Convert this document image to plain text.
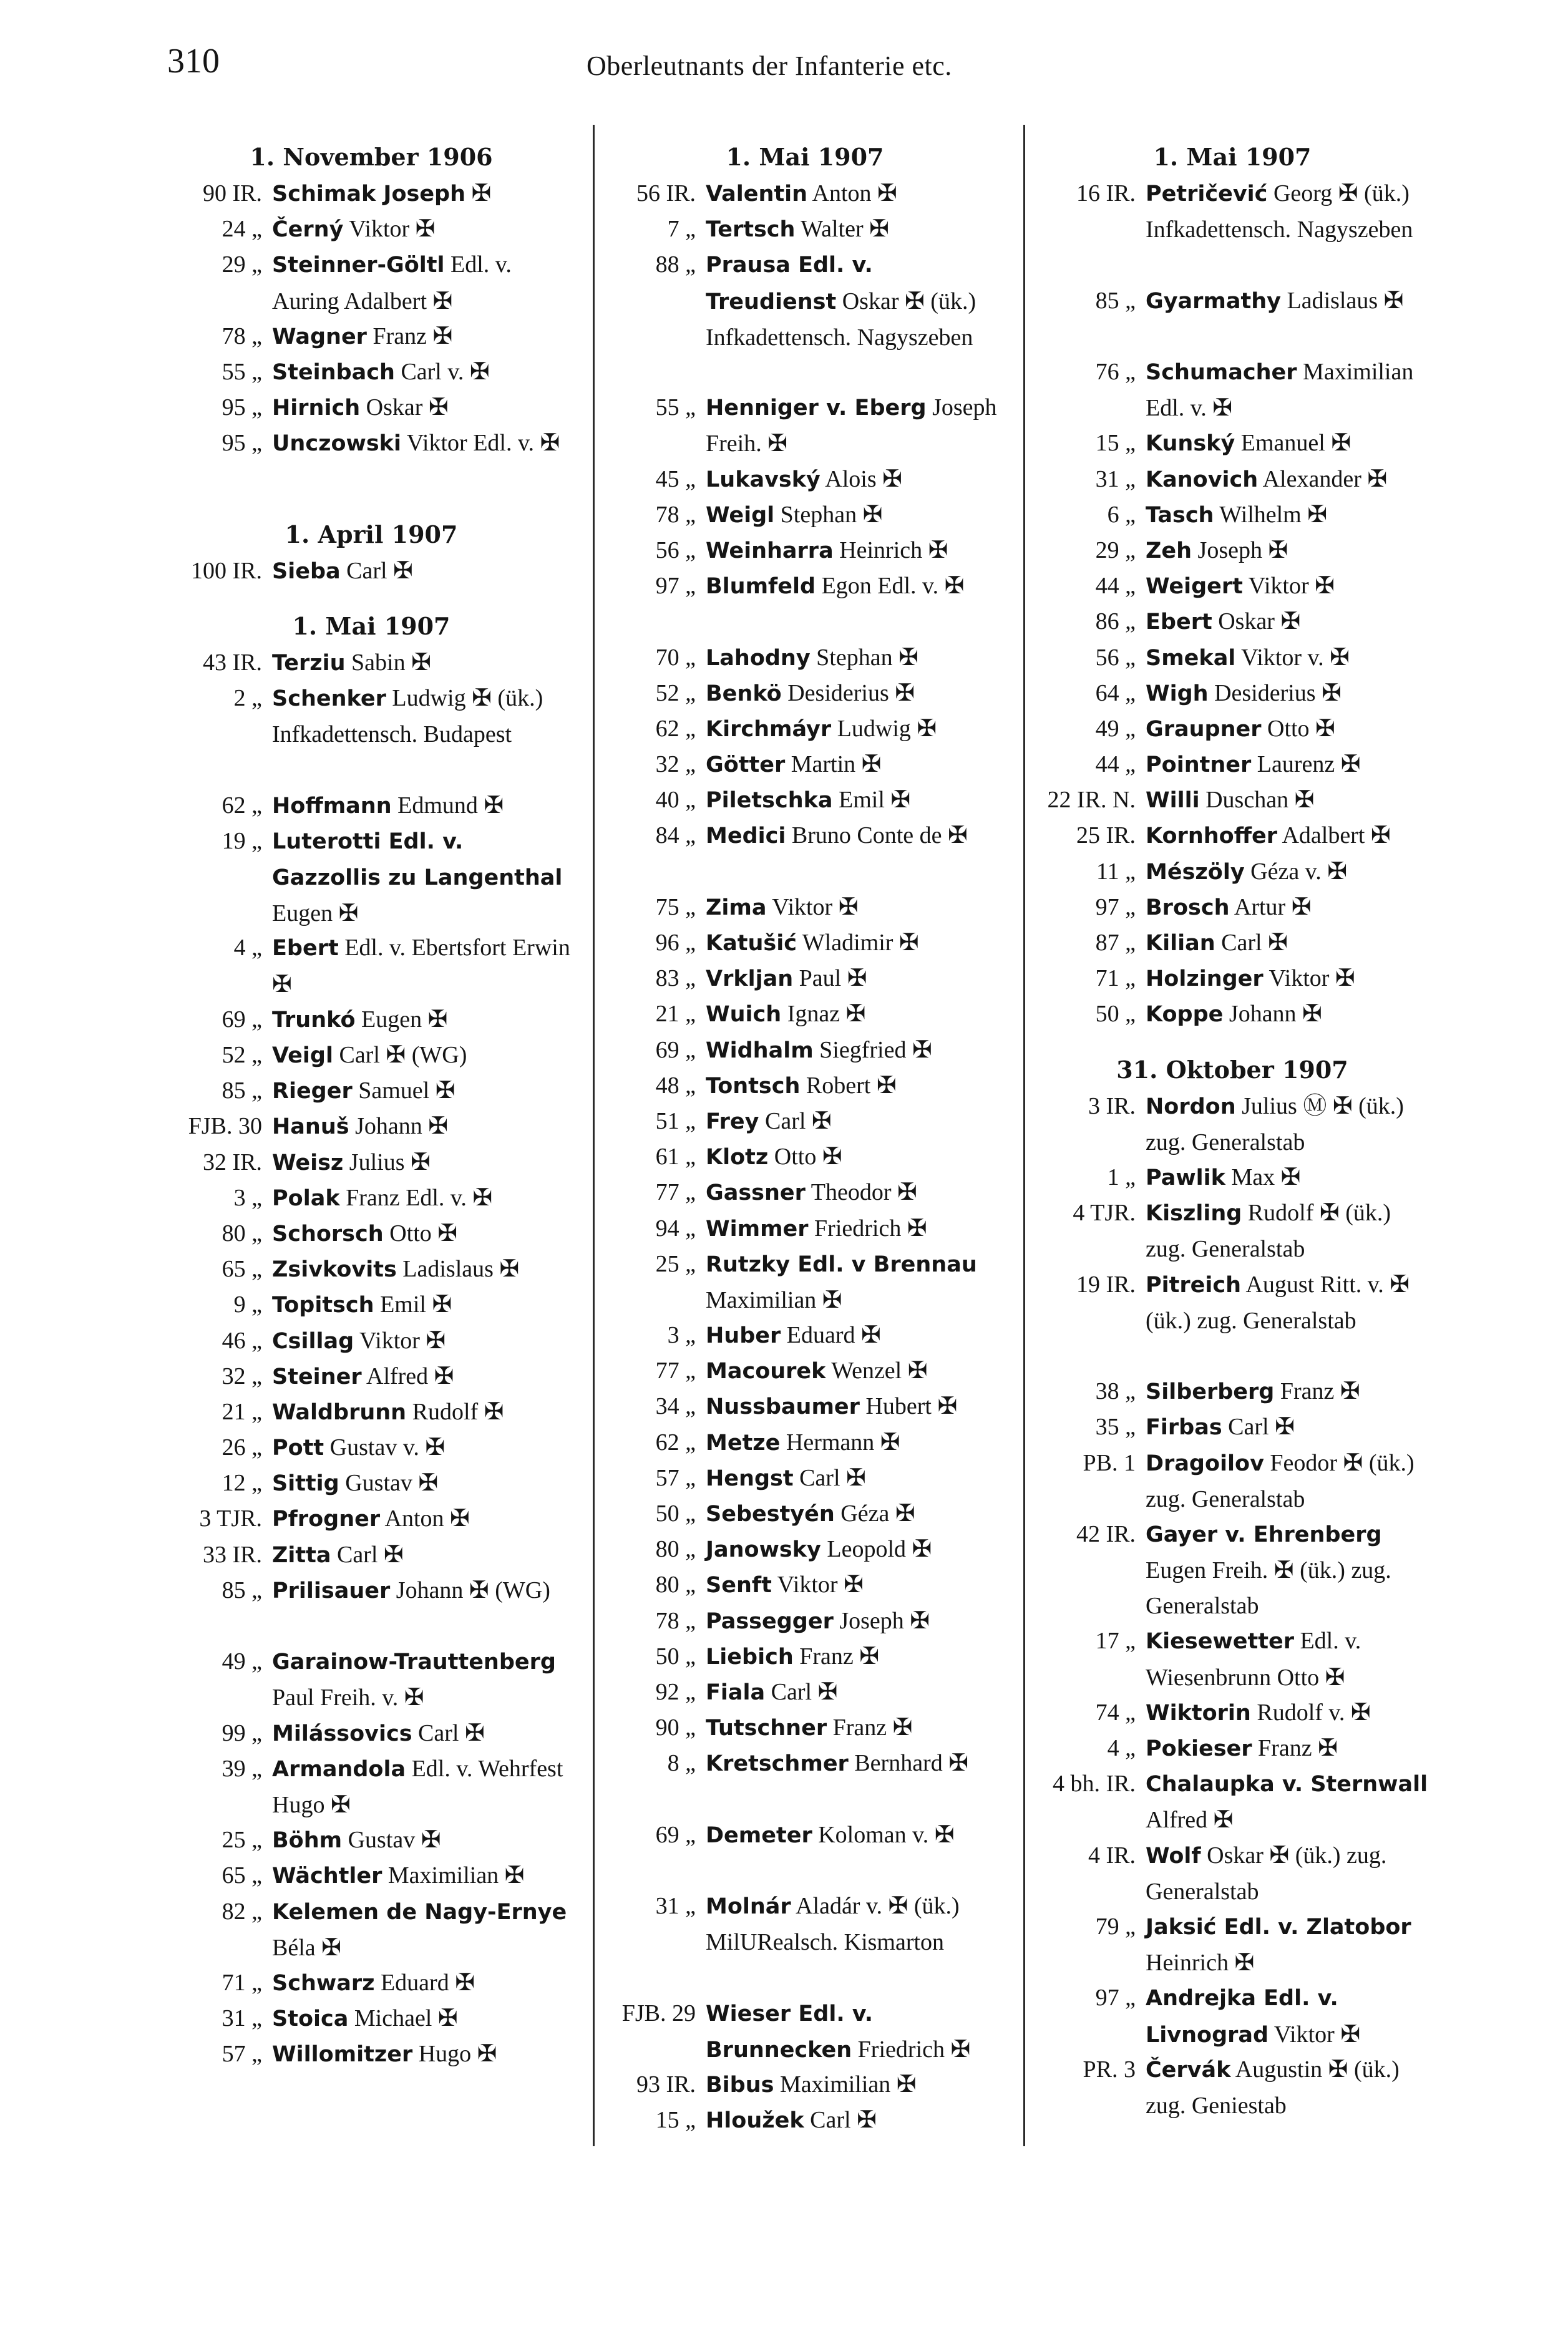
310	Oberleutnants der Infanterie etc.
1. November 1906
90 IR. Schimak Joseph ✠
24 „ Černý Viktor ✠
29 „ Steinner-Göltl Edl. v. Auring Adalbert ✠
78 „ Wagner Franz ✠
55 „ Steinbach Carl v. ✠
95 „ Hirnich Oskar ✠
95 „ Unczowski Viktor Edl. v. ✠
1. April 1907
100 IR. Sieba Carl ✠
1. Mai 1907
43 IR. Terziu Sabin ✠
2 „ Schenker Ludwig ✠ (ük.) Infkadettensch. Budapest
62 „ Hoffmann Edmund ✠
19 „ Luterotti Edl. v. Gazzollis zu Langenthal Eugen ✠
4 „ Ebert Edl. v. Ebertsfort Erwin ✠
69 „ Trunkó Eugen ✠
52 „ Veigl Carl ✠ (WG)
85 „ Rieger Samuel ✠
FJB. 30 Hanuš Johann ✠
32 IR. Weisz Julius ✠
3 „ Polak Franz Edl. v. ✠
80 „ Schorsch Otto ✠
65 „ Zsivkovits Ladislaus ✠
9 „ Topitsch Emil ✠
46 „ Csillag Viktor ✠
32 „ Steiner Alfred ✠
21 „ Waldbrunn Rudolf ✠
26 „ Pott Gustav v. ✠
12 „ Sittig Gustav ✠
3 TJR. Pfrogner Anton ✠
33 IR. Zitta Carl ✠
85 „ Prilisauer Johann ✠ (WG)
49 „ Garainow-Trauttenberg Paul Freih. v. ✠
99 „ Milássovics Carl ✠
39 „ Armandola Edl. v. Wehrfest Hugo ✠
25 „ Böhm Gustav ✠
65 „ Wächtler Maximilian ✠
82 „ Kelemen de Nagy-Ernye Béla ✠
71 „ Schwarz Eduard ✠
31 „ Stoica Michael ✠
57 „ Willomitzer Hugo ✠
1. Mai 1907
56 IR. Valentin Anton ✠
7 „ Tertsch Walter ✠
88 „ Prausa Edl. v. Treudienst Oskar ✠ (ük.) Infkadettensch. Nagyszeben
55 „ Henniger v. Eberg Joseph Freih. ✠
45 „ Lukavský Alois ✠
78 „ Weigl Stephan ✠
56 „ Weinharra Heinrich ✠
97 „ Blumfeld Egon Edl. v. ✠
70 „ Lahodny Stephan ✠
52 „ Benkö Desiderius ✠
62 „ Kirchmáyr Ludwig ✠
32 „ Götter Martin ✠
40 „ Piletschka Emil ✠
84 „ Medici Bruno Conte de ✠
75 „ Zima Viktor ✠
96 „ Katušić Wladimir ✠
83 „ Vrkljan Paul ✠
21 „ Wuich Ignaz ✠
69 „ Widhalm Siegfried ✠
48 „ Tontsch Robert ✠
51 „ Frey Carl ✠
61 „ Klotz Otto ✠
77 „ Gassner Theodor ✠
94 „ Wimmer Friedrich ✠
25 „ Rutzky Edl. v Brennau Maximilian ✠
3 „ Huber Eduard ✠
77 „ Macourek Wenzel ✠
34 „ Nussbaumer Hubert ✠
62 „ Metze Hermann ✠
57 „ Hengst Carl ✠
50 „ Sebestyén Géza ✠
80 „ Janowsky Leopold ✠
80 „ Senft Viktor ✠
78 „ Passegger Joseph ✠
50 „ Liebich Franz ✠
92 „ Fiala Carl ✠
90 „ Tutschner Franz ✠
8 „ Kretschmer Bernhard ✠
69 „ Demeter Koloman v. ✠
31 „ Molnár Aladár v. ✠ (ük.) MilURealsch. Kismarton
FJB. 29 Wieser Edl. v. Brunnecken Friedrich ✠
93 IR. Bibus Maximilian ✠
15 „ Hloužek Carl ✠
1. Mai 1907
16 IR. Petričević Georg ✠ (ük.) Infkadettensch. Nagyszeben
85 „ Gyarmathy Ladislaus ✠
76 „ Schumacher Maximilian Edl. v. ✠
15 „ Kunský Emanuel ✠
31 „ Kanovich Alexander ✠
6 „ Tasch Wilhelm ✠
29 „ Zeh Joseph ✠
44 „ Weigert Viktor ✠
86 „ Ebert Oskar ✠
56 „ Smekal Viktor v. ✠
64 „ Wigh Desiderius ✠
49 „ Graupner Otto ✠
44 „ Pointner Laurenz ✠
22 IR. N. Willi Duschan ✠
25 IR. Kornhoffer Adalbert ✠
11 „ Mészöly Géza v. ✠
97 „ Brosch Artur ✠
87 „ Kilian Carl ✠
71 „ Holzinger Viktor ✠
50 „ Koppe Johann ✠
31. Oktober 1907
3 IR. Nordon Julius Ⓜ ✠ (ük.) zug. Generalstab
1 „ Pawlik Max ✠
4 TJR. Kiszling Rudolf ✠ (ük.) zug. Generalstab
19 IR. Pitreich August Ritt. v. ✠ (ük.) zug. Generalstab
38 „ Silberberg Franz ✠
35 „ Firbas Carl ✠
PB. 1 Dragoilov Feodor ✠ (ük.) zug. Generalstab
42 IR. Gayer v. Ehrenberg Eugen Freih. ✠ (ük.) zug. Generalstab
17 „ Kiesewetter Edl. v. Wiesenbrunn Otto ✠
74 „ Wiktorin Rudolf v. ✠
4 „ Pokieser Franz ✠
4 bh. IR. Chalaupka v. Sternwall Alfred ✠
4 IR. Wolf Oskar ✠ (ük.) zug. Generalstab
79 „ Jaksić Edl. v. Zlatobor Heinrich ✠
97 „ Andrejka Edl. v. Livnograd Viktor ✠
PR. 3 Červák Augustin ✠ (ük.) zug. Geniestab
